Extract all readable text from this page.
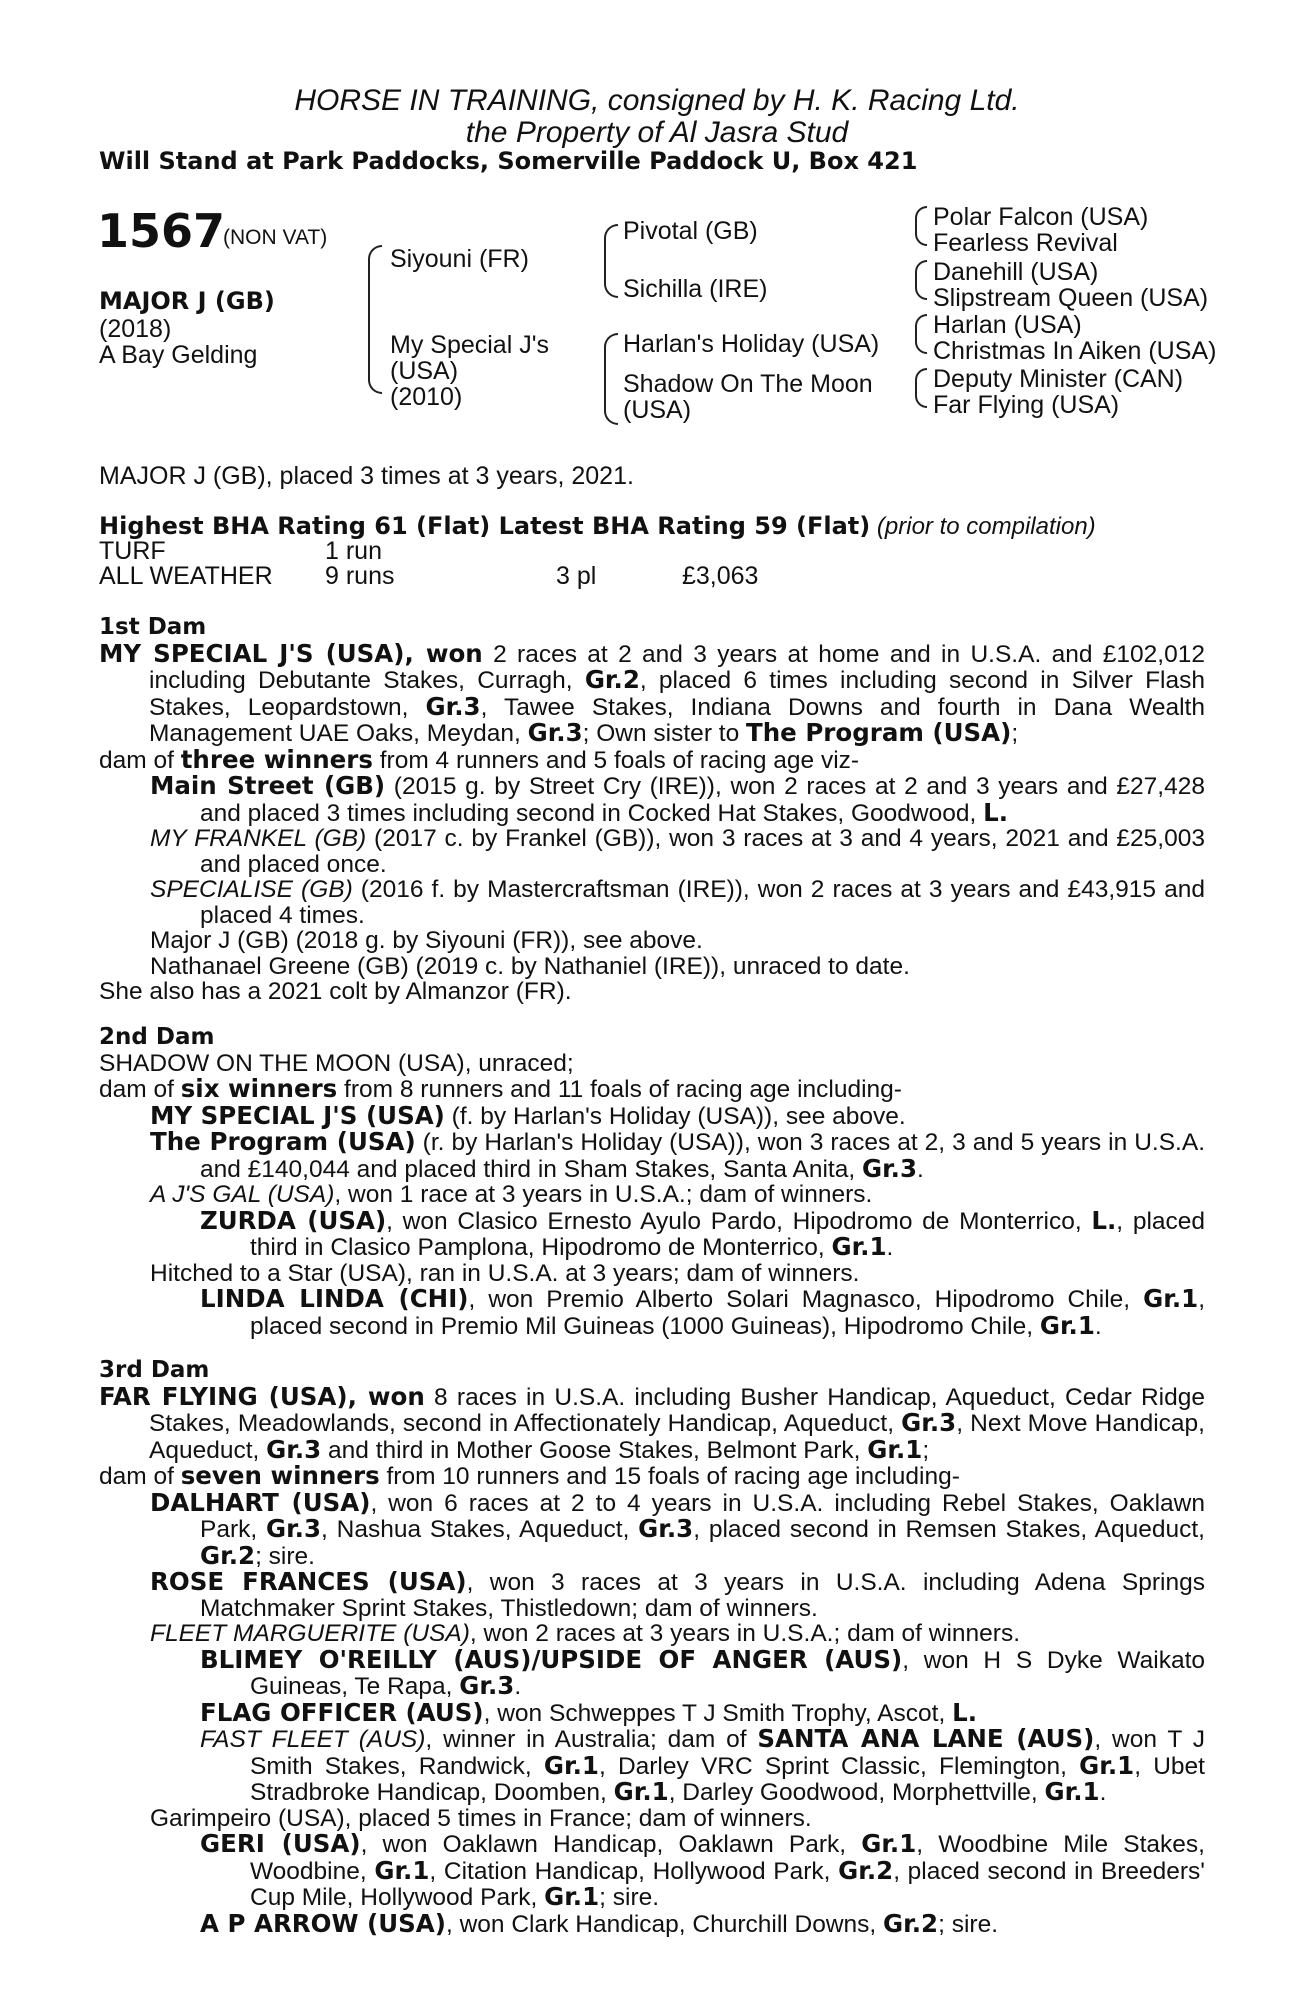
HORSE IN TRAINING, consigned by H. K. Racing Ltd.
the Property of Al Jasra Stud
Will Stand at Park Paddocks, Somerville Paddock U, Box 421
1567
(NON VAT)
MAJOR J (GB)
(2018)
A Bay Gelding
Siyouni (FR)
My Special J's
(USA)
(2010)
Pivotal (GB)
Sichilla (IRE)
Harlan's Holiday (USA)
Shadow On The Moon
(USA)
Polar Falcon (USA)
Fearless Revival
Danehill (USA)
Slipstream Queen (USA)
Harlan (USA)
Christmas In Aiken (USA)
Deputy Minister (CAN)
Far Flying (USA)
MAJOR J (GB), placed 3 times at 3 years, 2021.
Highest BHA Rating 61 (Flat) Latest BHA Rating 59 (Flat) (prior to compilation)
TURF	1 run
ALL WEATHER 9 runs	3 pl	£3,063

1st Dam

MY SPECIAL J'S (USA), won 2 races at 2 and 3 years at home and in U.S.A. and £102,012 including Debutante Stakes, Curragh, Gr.2, placed 6 times including second in Silver Flash Stakes, Leopardstown, Gr.3, Tawee Stakes, Indiana Downs and fourth in Dana Wealth Management UAE Oaks, Meydan, Gr.3; Own sister to The Program (USA);

dam of three winners from 4 runners and 5 foals of racing age viz-

Main Street (GB) (2015 g. by Street Cry (IRE)), won 2 races at 2 and 3 years and £27,428 and placed 3 times including second in Cocked Hat Stakes, Goodwood, L.

MY FRANKEL (GB) (2017 c. by Frankel (GB)), won 3 races at 3 and 4 years, 2021 and £25,003 and placed once.

SPECIALISE (GB) (2016 f. by Mastercraftsman (IRE)), won 2 races at 3 years and £43,915 and placed 4 times.

Major J (GB) (2018 g. by Siyouni (FR)), see above.

Nathanael Greene (GB) (2019 c. by Nathaniel (IRE)), unraced to date.

She also has a 2021 colt by Almanzor (FR).

2nd Dam

SHADOW ON THE MOON (USA), unraced;

dam of six winners from 8 runners and 11 foals of racing age including-

MY SPECIAL J'S (USA) (f. by Harlan's Holiday (USA)), see above.

The Program (USA) (r. by Harlan's Holiday (USA)), won 3 races at 2, 3 and 5 years in U.S.A. and £140,044 and placed third in Sham Stakes, Santa Anita, Gr.3.

A J'S GAL (USA), won 1 race at 3 years in U.S.A.; dam of winners.

ZURDA (USA), won Clasico Ernesto Ayulo Pardo, Hipodromo de Monterrico, L., placed third in Clasico Pamplona, Hipodromo de Monterrico, Gr.1.

Hitched to a Star (USA), ran in U.S.A. at 3 years; dam of winners.

LINDA LINDA (CHI), won Premio Alberto Solari Magnasco, Hipodromo Chile, Gr.1, placed second in Premio Mil Guineas (1000 Guineas), Hipodromo Chile, Gr.1.

3rd Dam

FAR FLYING (USA), won 8 races in U.S.A. including Busher Handicap, Aqueduct, Cedar Ridge Stakes, Meadowlands, second in Affectionately Handicap, Aqueduct, Gr.3, Next Move Handicap, Aqueduct, Gr.3 and third in Mother Goose Stakes, Belmont Park, Gr.1;

dam of seven winners from 10 runners and 15 foals of racing age including-

DALHART (USA), won 6 races at 2 to 4 years in U.S.A. including Rebel Stakes, Oaklawn Park, Gr.3, Nashua Stakes, Aqueduct, Gr.3, placed second in Remsen Stakes, Aqueduct, Gr.2; sire.

ROSE FRANCES (USA), won 3 races at 3 years in U.S.A. including Adena Springs Matchmaker Sprint Stakes, Thistledown; dam of winners.

FLEET MARGUERITE (USA), won 2 races at 3 years in U.S.A.; dam of winners.

BLIMEY O'REILLY (AUS)/UPSIDE OF ANGER (AUS), won H S Dyke Waikato Guineas, Te Rapa, Gr.3.

FLAG OFFICER (AUS), won Schweppes T J Smith Trophy, Ascot, L.

FAST FLEET (AUS), winner in Australia; dam of SANTA ANA LANE (AUS), won T J Smith Stakes, Randwick, Gr.1, Darley VRC Sprint Classic, Flemington, Gr.1, Ubet Stradbroke Handicap, Doomben, Gr.1, Darley Goodwood, Morphettville, Gr.1.

Garimpeiro (USA), placed 5 times in France; dam of winners.

GERI (USA), won Oaklawn Handicap, Oaklawn Park, Gr.1, Woodbine Mile Stakes, Woodbine, Gr.1, Citation Handicap, Hollywood Park, Gr.2, placed second in Breeders' Cup Mile, Hollywood Park, Gr.1; sire.

A P ARROW (USA), won Clark Handicap, Churchill Downs, Gr.2; sire.
